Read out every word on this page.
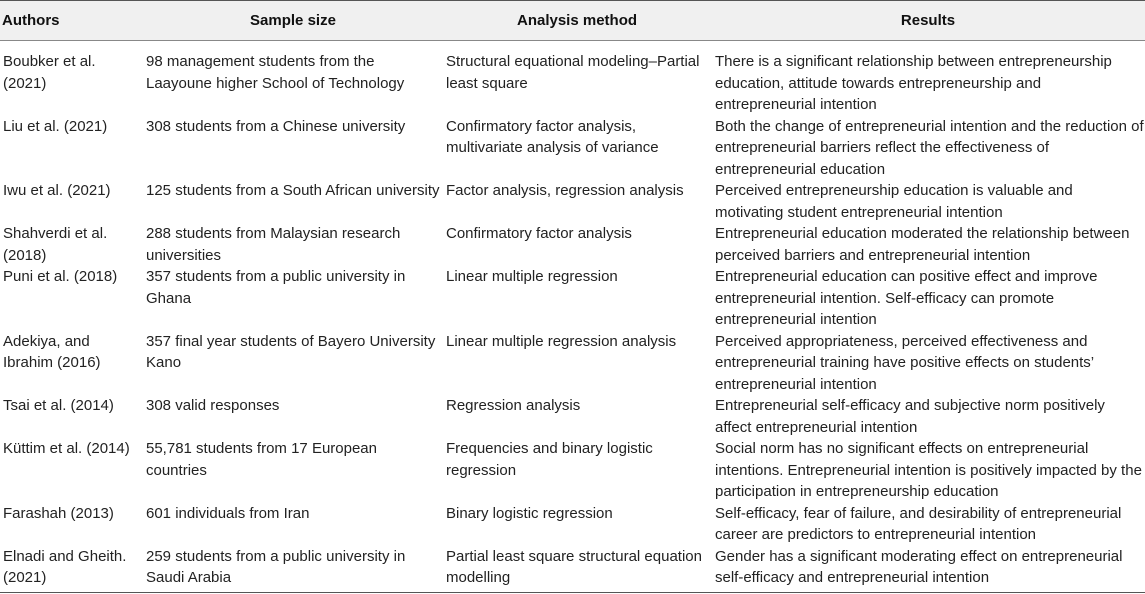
Authors	Sample size	Analysis method	Results
Boubker et al. (2021)	98 management students from the Laayoune higher School of Technology	Structural equational modeling–Partial least square	There is a significant relationship between entrepreneurship education, attitude towards entrepreneurship and entrepreneurial intention
Liu et al. (2021)	308 students from a Chinese university	Confirmatory factor analysis, multivariate analysis of variance	Both the change of entrepreneurial intention and the reduction of entrepreneurial barriers reflect the effectiveness of entrepreneurial education
Iwu et al. (2021)	125 students from a South African university	Factor analysis, regression analysis	Perceived entrepreneurship education is valuable and motivating student entrepreneurial intention
Shahverdi et al. (2018)	288 students from Malaysian research universities	Confirmatory factor analysis	Entrepreneurial education moderated the relationship between perceived barriers and entrepreneurial intention
Puni et al. (2018)	357 students from a public university in Ghana	Linear multiple regression	Entrepreneurial education can positive effect and improve entrepreneurial intention. Self-efficacy can promote entrepreneurial intention
Adekiya, and Ibrahim (2016)	357 final year students of Bayero University Kano	Linear multiple regression analysis	Perceived appropriateness, perceived effectiveness and entrepreneurial training have positive effects on students’ entrepreneurial intention
Tsai et al. (2014)	308 valid responses	Regression analysis	Entrepreneurial self-efficacy and subjective norm positively affect entrepreneurial intention
Küttim et al. (2014)	55,781 students from 17 European countries	Frequencies and binary logistic regression	Social norm has no significant effects on entrepreneurial intentions. Entrepreneurial intention is positively impacted by the participation in entrepreneurship education
Farashah (2013)	601 individuals from Iran	Binary logistic regression	Self-efficacy, fear of failure, and desirability of entrepreneurial career are predictors to entrepreneurial intention
Elnadi and Gheith. (2021)	259 students from a public university in Saudi Arabia	Partial least square structural equation modelling	Gender has a significant moderating effect on entrepreneurial self-efficacy and entrepreneurial intention
